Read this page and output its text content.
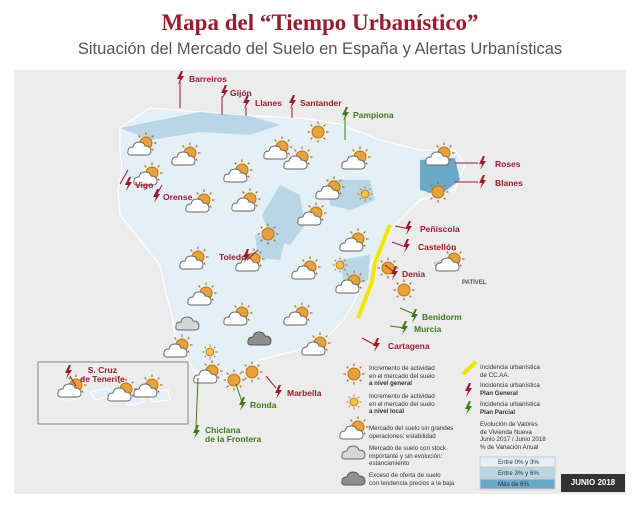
Mapa del “Tiempo Urbanístico”
Situación del Mercado del Suelo en España y Alertas Urbanísticas
Barreiros
Gijón
Llanes Santander
Vigo
Orense
Roses
Blanes
Peñíscola
Castellón
Toledo
Denia
Cartagena
Marbella
S. Cruz
de Tenerife
Pampiona
Benidorm
Murcia
Ronda
Chiclana
de la Frontera
PATIVEL
Incremento de actividad
en el mercado del suelo
a nivel general
Incremento de actividad
en el mercado del suelo
a nivel local
Mercado del suelo sin grandes
operaciones: estabilidad
Mercado de suelo con stock
importante y sin evolución:
estancamiento
Exceso de oferta de suelo
con tendencia precios a la baja
Incidencia urbanística
de CC.AA.
Incidencia urbanística
Plan General
Incidencia urbanística
Plan Parcial
Evolución de Valores
de Vivienda Nueva
Junio 2017 / Junio 2018
% de Variación Anual
Entre 0% y 3%
Entre 3% y 6%
Más de 6%	JUNIO 2018
